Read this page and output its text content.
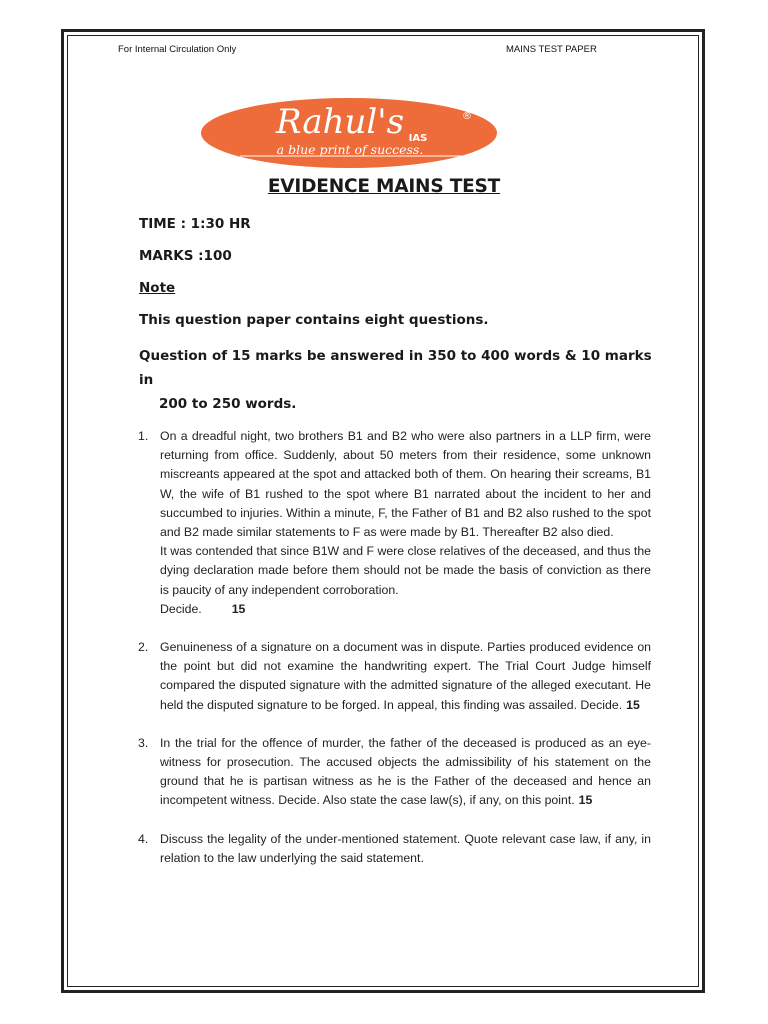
For Internal Circulation Only	MAINS TEST PAPER
Rahul's	®
IAS
a blue print of success.
EVIDENCE MAINS TEST
TIME : 1:30 HR
MARKS :100
Note
This question paper contains eight questions.
Question of 15 marks be answered in 350 to 400 words & 10 marks in
200 to 250 words.
1. On a dreadful night, two brothers B1 and B2 who were also partners in a LLP firm, were returning from office. Suddenly, about 50 meters from their residence, some unknown miscreants appeared at the spot and attacked both of them. On hearing their screams, B1 W, the wife of B1 rushed to the spot where B1 narrated about the incident to her and succumbed to injuries. Within a minute, F, the Father of B1 and B2 also rushed to the spot and B2 made similar statements to F as were made by B1. Thereafter B2 also died.

It was contended that since B1W and F were close relatives of the deceased, and thus the dying declaration made before them should not be made the basis of conviction as there is paucity of any independent corroboration.

Decide. 15

2. Genuineness of a signature on a document was in dispute. Parties produced evidence on the point but did not examine the handwriting expert. The Trial Court Judge himself compared the disputed signature with the admitted signature of the alleged executant. He held the disputed signature to be forged. In appeal, this finding was assailed. Decide. 15
3. In the trial for the offence of murder, the father of the deceased is produced as an eye-witness for prosecution. The accused objects the admissibility of his statement on the ground that he is partisan witness as he is the Father of the deceased and hence an incompetent witness. Decide. Also state the case law(s), if any, on this point. 15
4. Discuss the legality of the under-mentioned statement. Quote relevant case law, if any, in relation to the law underlying the said statement.
